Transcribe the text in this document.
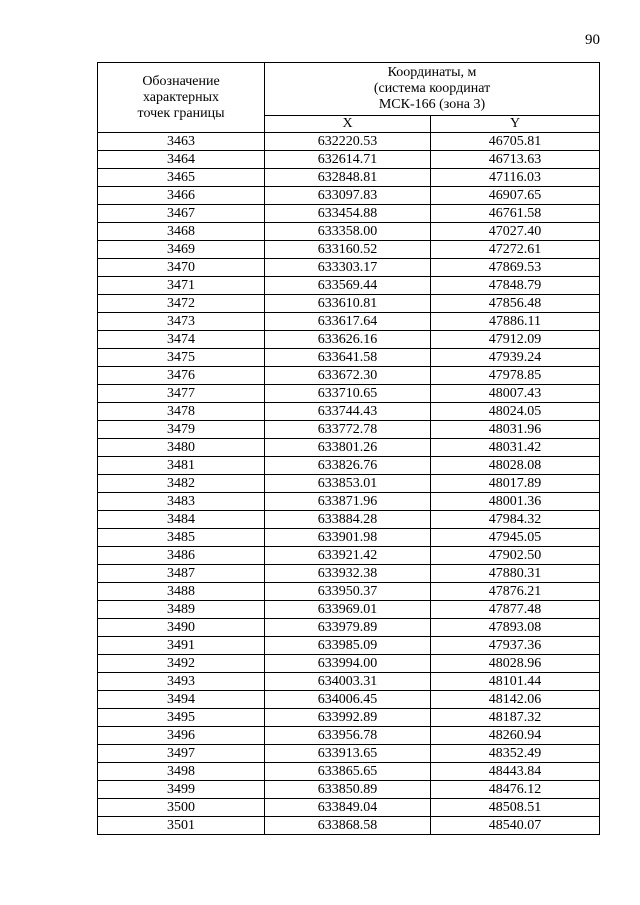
90
Обозначение
характерных
точек границы	Координаты, м
(система координат
МСК-166 (зона 3)	

	X	Y
3463	632220.53	46705.81
3464	632614.71	46713.63
3465	632848.81	47116.03
3466	633097.83	46907.65
3467	633454.88	46761.58
3468	633358.00	47027.40
3469	633160.52	47272.61
3470	633303.17	47869.53
3471	633569.44	47848.79
3472	633610.81	47856.48
3473	633617.64	47886.11
3474	633626.16	47912.09
3475	633641.58	47939.24
3476	633672.30	47978.85
3477	633710.65	48007.43
3478	633744.43	48024.05
3479	633772.78	48031.96
3480	633801.26	48031.42
3481	633826.76	48028.08
3482	633853.01	48017.89
3483	633871.96	48001.36
3484	633884.28	47984.32
3485	633901.98	47945.05
3486	633921.42	47902.50
3487	633932.38	47880.31
3488	633950.37	47876.21
3489	633969.01	47877.48
3490	633979.89	47893.08
3491	633985.09	47937.36
3492	633994.00	48028.96
3493	634003.31	48101.44
3494	634006.45	48142.06
3495	633992.89	48187.32
3496	633956.78	48260.94
3497	633913.65	48352.49
3498	633865.65	48443.84
3499	633850.89	48476.12
3500	633849.04	48508.51
3501	633868.58	48540.07
